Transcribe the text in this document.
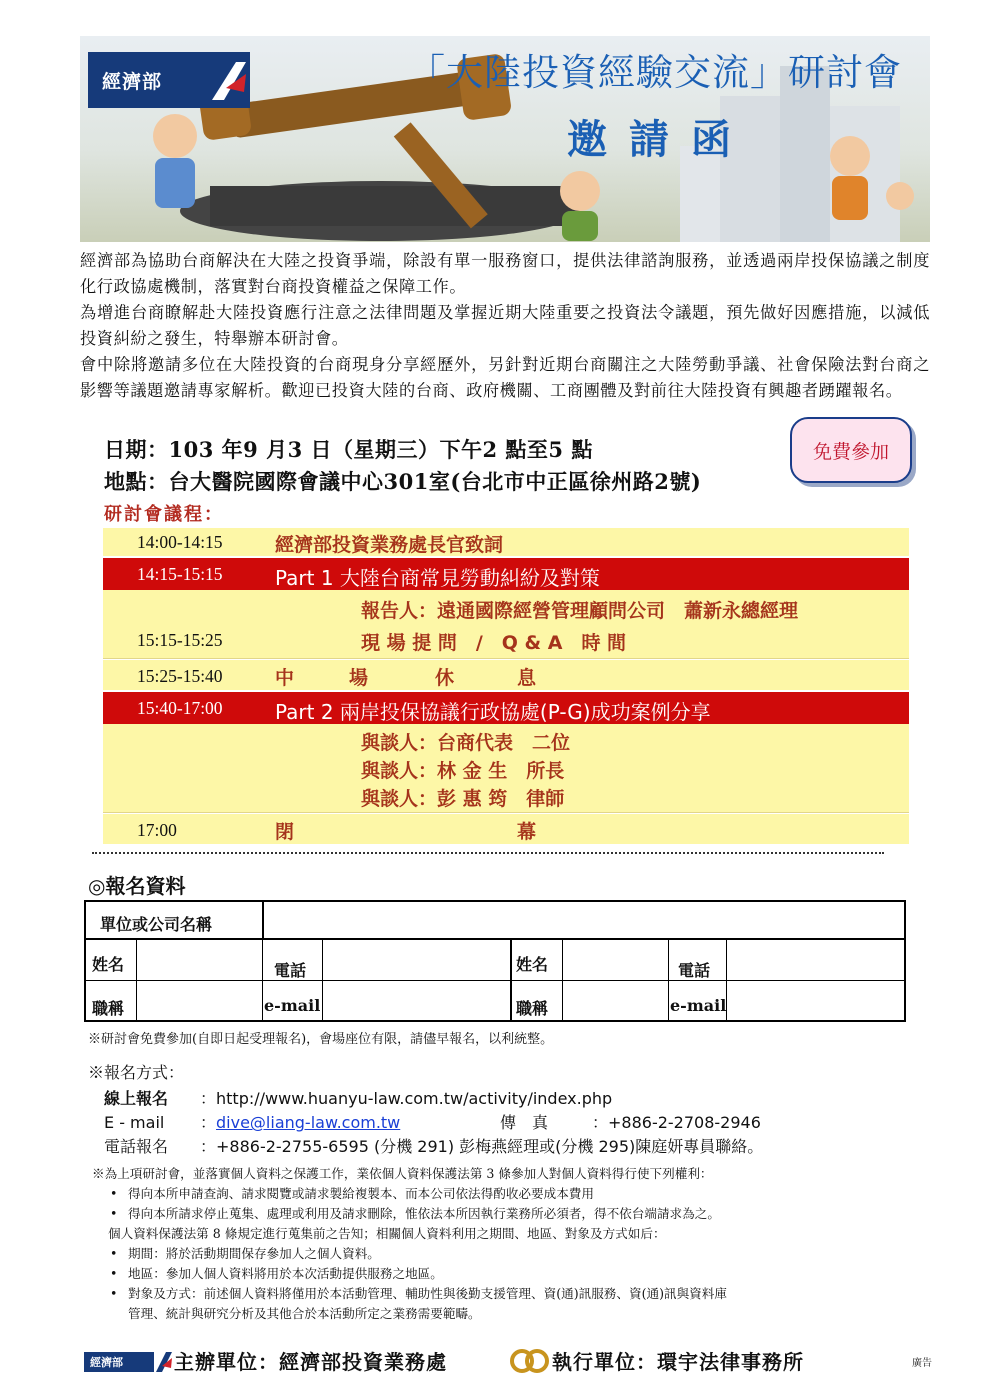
經濟部	「大陸投資經驗交流」研討會
邀請函
經濟部為協助台商解決在大陸之投資爭端，除設有單一服務窗口，提供法律諮詢服務，並透過兩岸投保協議之制度化行政協處機制，落實對台商投資權益之保障工作。
為增進台商瞭解赴大陸投資應行注意之法律問題及掌握近期大陸重要之投資法令議題，預先做好因應措施，以減低投資糾紛之發生，特舉辦本研討會。
會中除將邀請多位在大陸投資的台商現身分享經歷外，另針對近期台商關注之大陸勞動爭議、社會保險法對台商之影響等議題邀請專家解析。歡迎已投資大陸的台商、政府機關、工商團體及對前往大陸投資有興趣者踴躍報名。
日期：103 年9 月3 日（星期三）下午2 點至5 點
地點：台大醫院國際會議中心301室(台北市中正區徐州路2號)
免費參加
研討會議程：
14:00-14:15	經濟部投資業務處長官致詞
14:15-15:15	Part 1 大陸台商常見勞動糾紛及對策
報告人：遠通國際經營管理顧問公司　蕭新永總經理
15:15-15:25	現 場 提 問　/　Q & A　時 間
15:25-15:40	中	場	休	息
15:40-17:00	Part 2 兩岸投保協議行政協處(P-G)成功案例分享
與談人：台商代表　二位
與談人：林 金 生　所長
與談人：彭 惠 筠　律師
17:00	閉	幕
◎報名資料
單位或公司名稱
姓名	電話	姓名	電話
職稱	e-mail	職稱	e-mail
※研討會免費參加(自即日起受理報名)，會場座位有限，請儘早報名，以利統整。
※報名方式：
線上報名 ：http://www.huanyu-law.com.tw/activity/index.php
E - mail ：dive@liang-law.com.tw	傳　真	：+886-2-2708-2946
電話報名 ：+886-2-2755-6595 (分機 291) 彭梅燕經理或(分機 295)陳庭妍專員聯絡。
※為上項研討會，並落實個人資料之保護工作，業依個人資料保護法第 3 條參加人對個人資料得行使下列權利：
• 得向本所申請查詢、請求閱覽或請求製給複製本、而本公司依法得酌收必要成本費用
• 得向本所請求停止蒐集、處理或利用及請求刪除，惟依法本所因執行業務所必須者，得不依台端請求為之。
個人資料保護法第 8 條規定進行蒐集前之告知；相關個人資料利用之期間、地區、對象及方式如后：
• 期間：將於活動期間保存參加人之個人資料。
• 地區：參加人個人資料將用於本次活動提供服務之地區。
• 對象及方式：前述個人資料將僅用於本活動管理、輔助性與後勤支援管理、資(通)訊服務、資(通)訊與資料庫
管理、統計與研究分析及其他合於本活動所定之業務需要範疇。
經濟部	主辦單位：經濟部投資業務處	執行單位：環宇法律事務所	廣告
